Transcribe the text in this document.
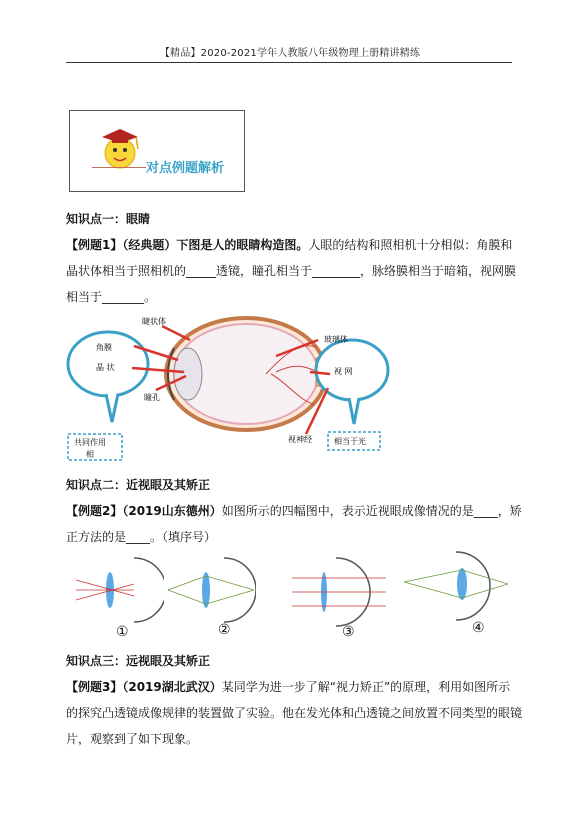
【精品】2020-2021学年人教版八年级物理上册精讲精练
对点例题解析
知识点一：眼睛
【例题1】（经典题）下图是人的眼睛构造图。人眼的结构和照相机十分相似：角膜和
晶状体相当于照相机的_____透镜，瞳孔相当于________，脉络膜相当于暗箱，视网膜
相当于_______。
角膜
晶 状	视 网
睫状体
玻璃体
瞳孔
视神经
共同作用
相
相当于光
知识点二：近视眼及其矫正
【例题2】（2019山东德州）如图所示的四幅图中，表示近视眼成像情况的是____，矫
正方法的是____。（填序号）
①	②	③	④
知识点三：远视眼及其矫正
【例题3】（2019湖北武汉）某同学为进一步了解“视力矫正”的原理，利用如图所示
的探究凸透镜成像规律的装置做了实验。他在发光体和凸透镜之间放置不同类型的眼镜
片，观察到了如下现象。
